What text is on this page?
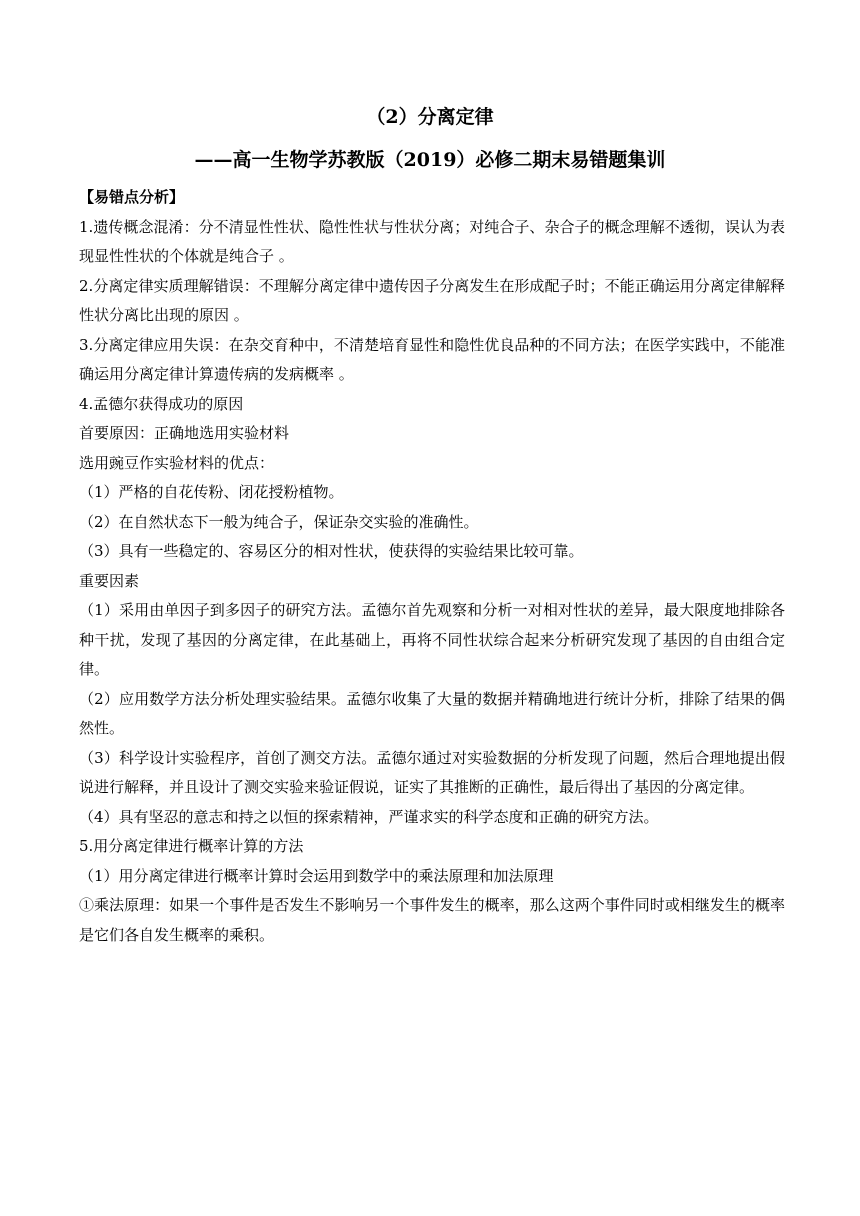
（2）分离定律
——高一生物学苏教版（2019）必修二期末易错题集训

【易错点分析】

1.遗传概念混淆：分不清显性性状、隐性性状与性状分离；对纯合子、杂合子的概念理解不透彻，误认为表现显性性状的个体就是纯合子 。

2.分离定律实质理解错误：不理解分离定律中遗传因子分离发生在形成配子时；不能正确运用分离定律解释性状分离比出现的原因 。

3.分离定律应用失误：在杂交育种中，不清楚培育显性和隐性优良品种的不同方法；在医学实践中，不能准确运用分离定律计算遗传病的发病概率 。

4.孟德尔获得成功的原因

首要原因：正确地选用实验材料

选用豌豆作实验材料的优点：

（1）严格的自花传粉、闭花授粉植物。

（2）在自然状态下一般为纯合子，保证杂交实验的准确性。

（3）具有一些稳定的、容易区分的相对性状，使获得的实验结果比较可靠。

重要因素

（1）采用由单因子到多因子的研究方法。孟德尔首先观察和分析一对相对性状的差异，最大限度地排除各种干扰，发现了基因的分离定律，在此基础上，再将不同性状综合起来分析研究发现了基因的自由组合定律。

（2）应用数学方法分析处理实验结果。孟德尔收集了大量的数据并精确地进行统计分析，排除了结果的偶然性。

（3）科学设计实验程序，首创了测交方法。孟德尔通过对实验数据的分析发现了问题，然后合理地提出假说进行解释，并且设计了测交实验来验证假说，证实了其推断的正确性，最后得出了基因的分离定律。

（4）具有坚忍的意志和持之以恒的探索精神，严谨求实的科学态度和正确的研究方法。

5.用分离定律进行概率计算的方法

（1）用分离定律进行概率计算时会运用到数学中的乘法原理和加法原理

①乘法原理：如果一个事件是否发生不影响另一个事件发生的概率，那么这两个事件同时或相继发生的概率是它们各自发生概率的乘积。
